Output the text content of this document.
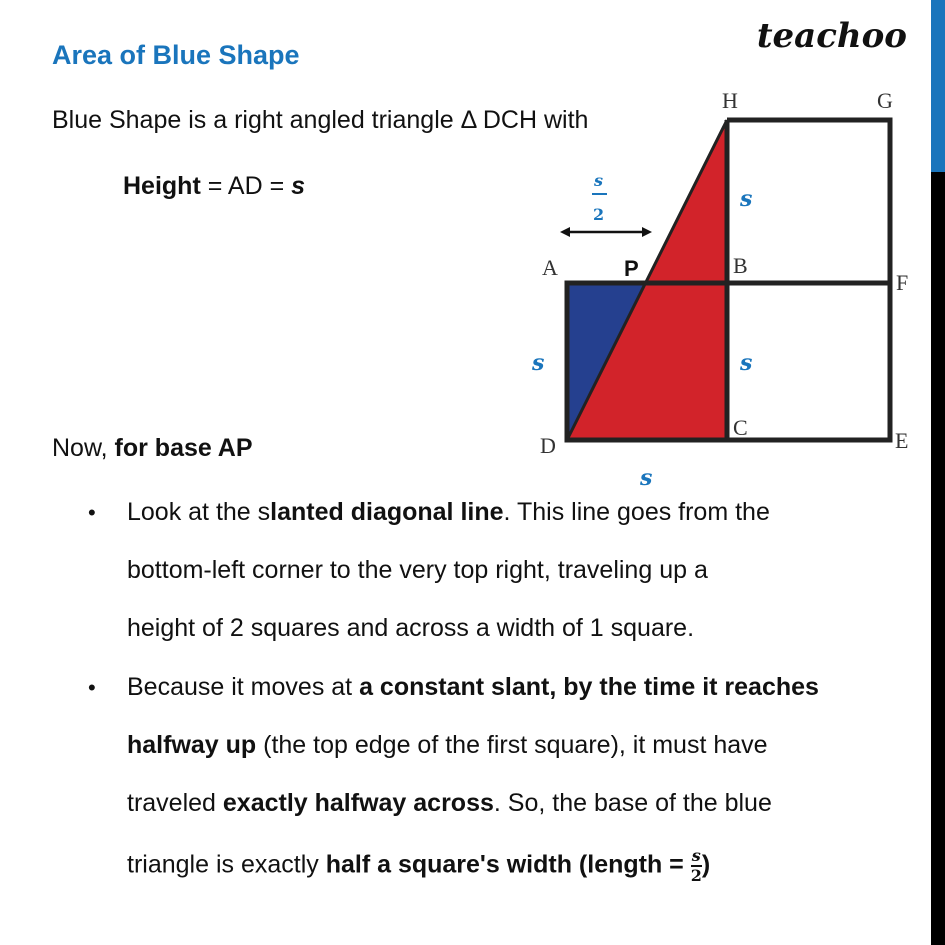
Area of Blue Shape	teachoo
Blue Shape is a right angled triangle Δ DCH with
Height = AD = s
Now, for base AP
• Look at the slanted diagonal line. This line goes from the
bottom-left corner to the very top right, traveling up a
height of 2 squares and across a width of 1 square.
• Because it moves at a constant slant, by the time it reaches
halfway up (the top edge of the first square), it must have
traveled exactly halfway across. So, the base of the blue
triangle is exactly half a square's width (length = $\frac{s}{2}$ )
A	B
C
D	E
F
G
H
P
s
s	s
s
s
2
